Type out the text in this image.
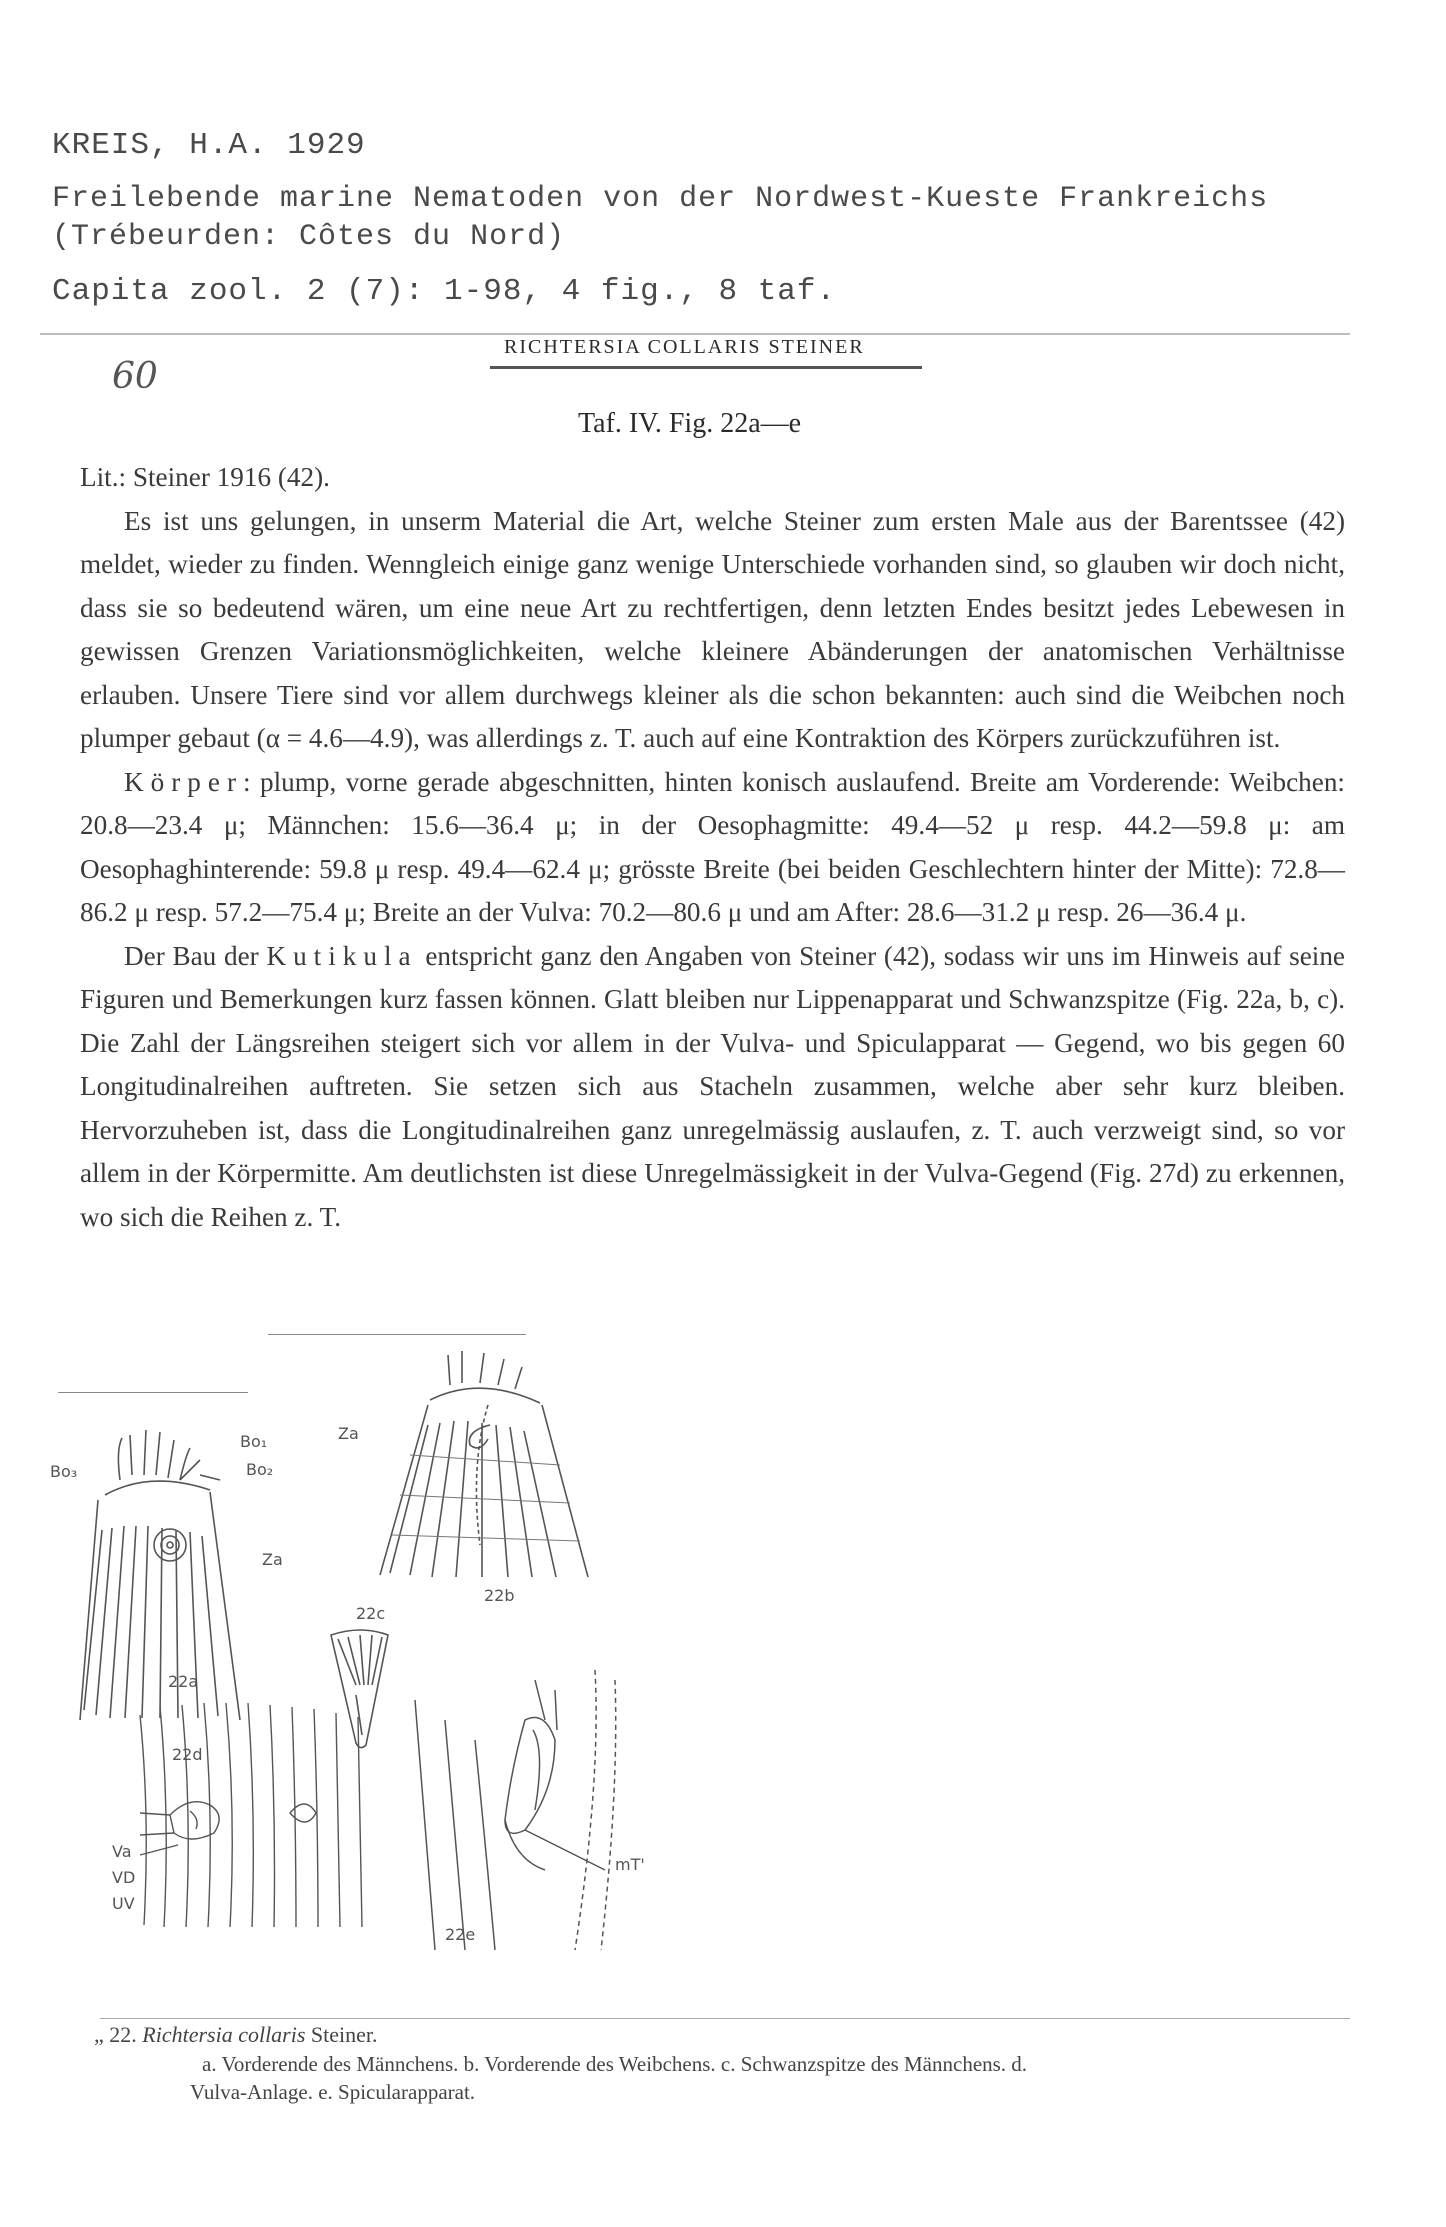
KREIS, H.A. 1929
Freilebende marine Nematoden von der Nordwest-Kueste Frankreichs
(Trébeurden: Côtes du Nord)
Capita zool. 2 (7): 1-98, 4 fig., 8 taf.
60
RICHTERSIA COLLARIS STEINER
Taf. IV. Fig. 22a—e

Lit.: Steiner 1916 (42).

Es ist uns gelungen, in unserm Material die Art, welche Steiner zum ersten Male aus der Barentssee (42) meldet, wieder zu finden. Wenngleich einige ganz wenige Unterschiede vorhanden sind, so glauben wir doch nicht, dass sie so bedeutend wären, um eine neue Art zu rechtfertigen, denn letzten Endes besitzt jedes Lebewesen in gewissen Grenzen Variationsmöglichkeiten, welche kleinere Abänderungen der anatomischen Verhältnisse erlauben. Unsere Tiere sind vor allem durchwegs kleiner als die schon bekannten: auch sind die Weibchen noch plumper gebaut (α = 4.6—4.9), was allerdings z. T. auch auf eine Kontraktion des Körpers zurückzuführen ist.

Körper: plump, vorne gerade abgeschnitten, hinten konisch auslaufend. Breite am Vorderende: Weibchen: 20.8—23.4 μ; Männchen: 15.6—36.4 μ; in der Oesophagmitte: 49.4—52 μ resp. 44.2—59.8 μ: am Oesophaghinterende: 59.8 μ resp. 49.4—62.4 μ; grösste Breite (bei beiden Geschlechtern hinter der Mitte): 72.8—86.2 μ resp. 57.2—75.4 μ; Breite an der Vulva: 70.2—80.6 μ und am After: 28.6—31.2 μ resp. 26—36.4 μ.

Der Bau der Kutikula entspricht ganz den Angaben von Steiner (42), sodass wir uns im Hinweis auf seine Figuren und Bemerkungen kurz fassen können. Glatt bleiben nur Lippenapparat und Schwanzspitze (Fig. 22a, b, c). Die Zahl der Längsreihen steigert sich vor allem in der Vulva- und Spiculapparat — Gegend, wo bis gegen 60 Longitudinalreihen auftreten. Sie setzen sich aus Stacheln zusammen, welche aber sehr kurz bleiben. Hervorzuheben ist, dass die Longitudinalreihen ganz unregelmässig auslaufen, z. T. auch verzweigt sind, so vor allem in der Körpermitte. Am deutlichsten ist diese Unregelmässigkeit in der Vulva-Gegend (Fig. 27d) zu erkennen, wo sich die Reihen z. T.

Bo₁
Bo₂
Bo₃
Za
22a
Za
22b
22c
22d
Va
VD
UV
mT'
22e
„ 22. Richtersia collaris Steiner.
a. Vorderende des Männchens. b. Vorderende des Weibchens. c. Schwanzspitze des Männchens. d.
Vulva-Anlage. e. Spicularapparat.
